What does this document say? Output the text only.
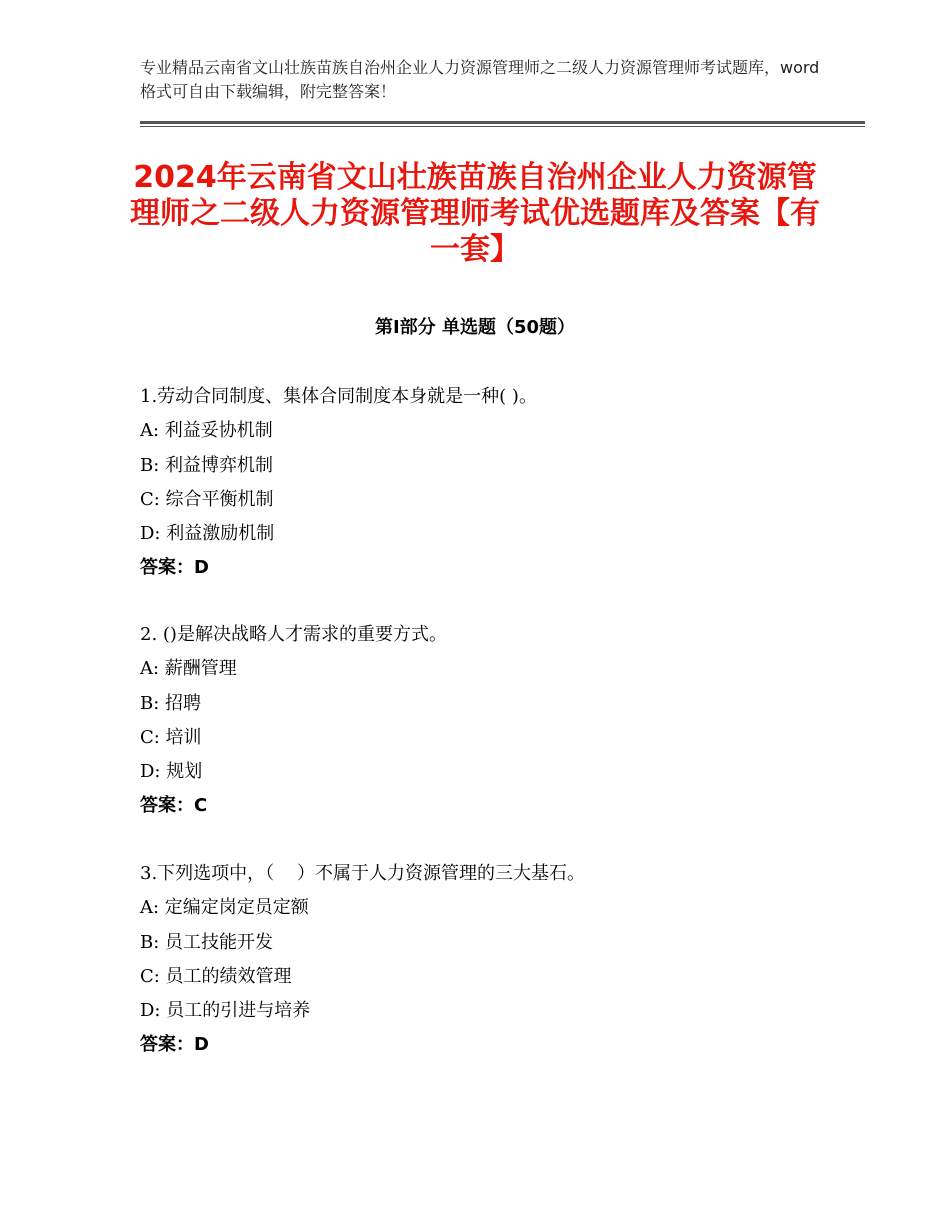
专业精品云南省文山壮族苗族自治州企业人力资源管理师之二级人力资源管理师考试题库，word格式可自由下载编辑，附完整答案！
2024年云南省文山壮族苗族自治州企业人力资源管理师之二级人力资源管理师考试优选题库及答案【有一套】
第Ⅰ部分 单选题（50题）
1.劳动合同制度、集体合同制度本身就是一种( )。
A: 利益妥协机制
B: 利益博弈机制
C: 综合平衡机制
D: 利益激励机制
答案：D
2. ()是解决战略人才需求的重要方式。
A: 薪酬管理
B: 招聘
C: 培训
D: 规划
答案：C
3.下列选项中，（    ）不属于人力资源管理的三大基石。
A: 定编定岗定员定额
B: 员工技能开发
C: 员工的绩效管理
D: 员工的引进与培养
答案：D
